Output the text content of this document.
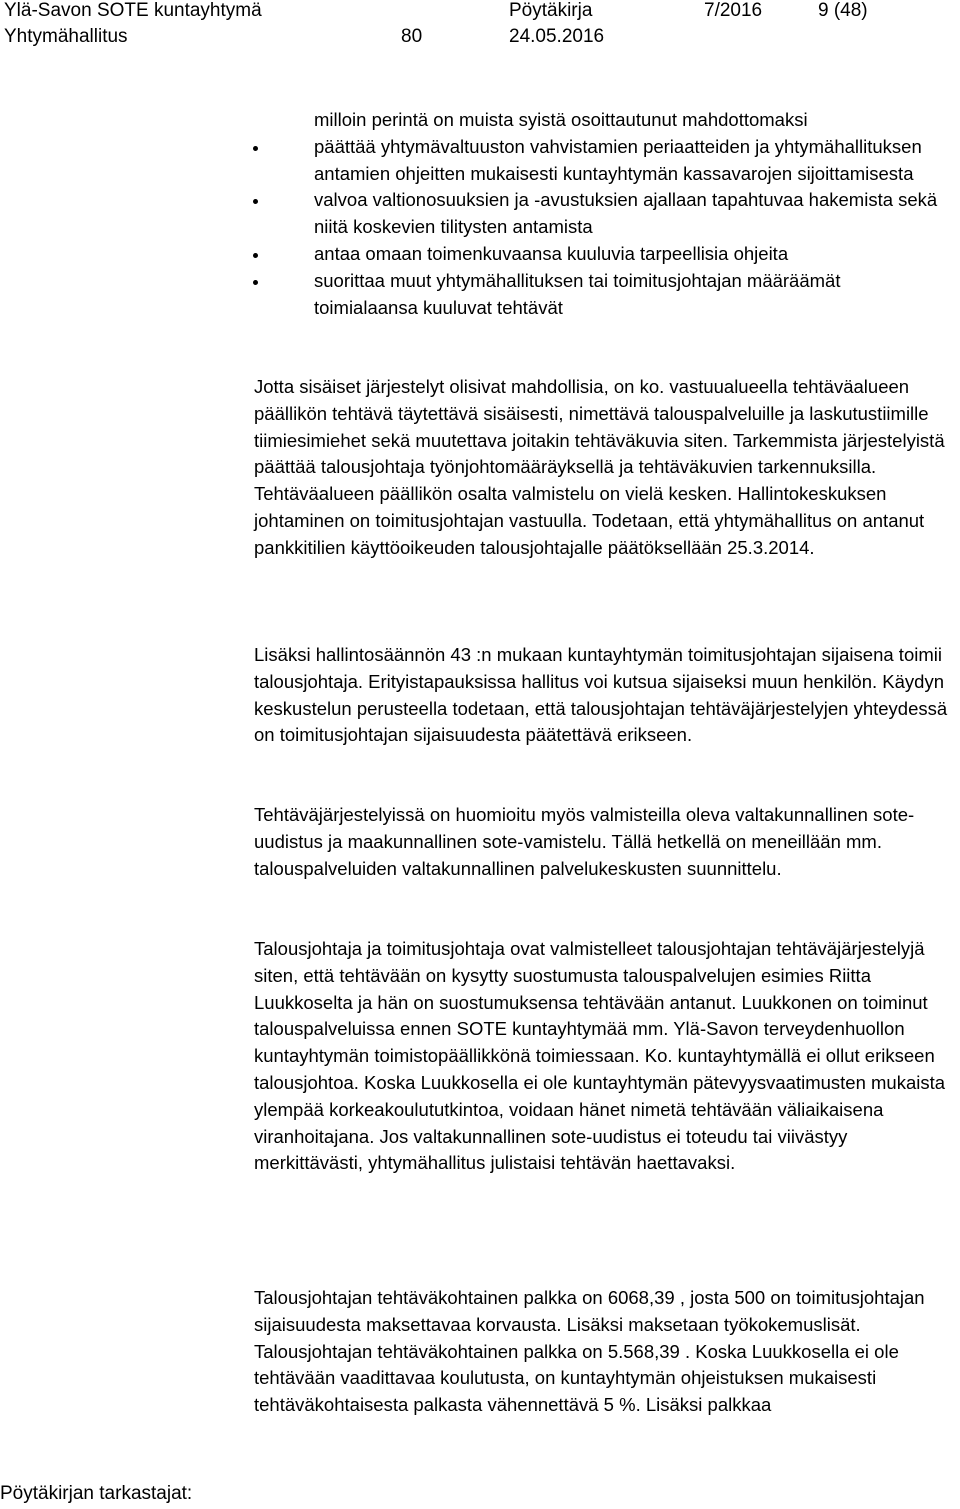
Ylä-Savon SOTE kuntayhtymä	Pöytäkirja	7/2016	9 (48)
Yhtymähallitus	80	24.05.2016
milloin perintä on muista syistä osoittautunut mahdottomaksi
päättää yhtymävaltuuston vahvistamien periaatteiden ja yhtymähallituksen antamien ohjeitten mukaisesti kuntayhtymän kassavarojen sijoittamisesta
valvoa valtionosuuksien ja -avustuksien ajallaan tapahtuvaa hakemista sekä niitä koskevien tilitysten antamista
antaa omaan toimenkuvaansa kuuluvia tarpeellisia ohjeita
suorittaa muut yhtymähallituksen tai toimitusjohtajan määräämät toimialaansa kuuluvat tehtävät

Jotta sisäiset järjestelyt olisivat mahdollisia, on ko. vastuualueella tehtäväalueen päällikön tehtävä täytettävä sisäisesti, nimettävä talouspalveluille ja laskutustiimille tiimiesimiehet sekä muutettava joitakin tehtäväkuvia siten. Tarkemmista järjestelyistä päättää talousjohtaja työnjohtomääräyksellä ja tehtäväkuvien tarkennuksilla. Tehtäväalueen päällikön osalta valmistelu on vielä kesken. Hallintokeskuksen johtaminen on toimitusjohtajan vastuulla. Todetaan, että yhtymähallitus on antanut pankkitilien käyttöoikeuden talousjohtajalle päätöksellään 25.3.2014.

Lisäksi hallintosäännön 43 :n mukaan kuntayhtymän toimitusjohtajan sijaisena toimii talousjohtaja. Erityistapauksissa hallitus voi kutsua sijaiseksi muun henkilön. Käydyn keskustelun perusteella todetaan, että talousjohtajan tehtäväjärjestelyjen yhteydessä on toimitusjohtajan sijaisuudesta päätettävä erikseen.

Tehtäväjärjestelyissä on huomioitu myös valmisteilla oleva valtakunnallinen sote-uudistus ja maakunnallinen sote-vamistelu. Tällä hetkellä on meneillään mm. talouspalveluiden valtakunnallinen palvelukeskusten suunnittelu.

Talousjohtaja ja toimitusjohtaja ovat valmistelleet talousjohtajan tehtäväjärjestelyjä siten, että tehtävään on kysytty suostumusta talouspalvelujen esimies Riitta Luukkoselta ja hän on suostumuksensa tehtävään antanut. Luukkonen on toiminut talouspalveluissa ennen SOTE kuntayhtymää mm. Ylä-Savon terveydenhuollon kuntayhtymän toimistopäällikkönä toimiessaan. Ko. kuntayhtymällä ei ollut erikseen talousjohtoa. Koska Luukkosella ei ole kuntayhtymän pätevyysvaatimusten mukaista ylempää korkeakoulututkintoa, voidaan hänet nimetä tehtävään väliaikaisena viranhoitajana. Jos valtakunnallinen sote-uudistus ei toteudu tai viivästyy merkittävästi, yhtymähallitus julistaisi tehtävän haettavaksi.

Talousjohtajan tehtäväkohtainen palkka on 6068,39 , josta 500 on toimitusjohtajan sijaisuudesta maksettavaa korvausta. Lisäksi maksetaan työkokemuslisät. Talousjohtajan tehtäväkohtainen palkka on 5.568,39 . Koska Luukkosella ei ole tehtävään vaadittavaa koulutusta, on kuntayhtymän ohjeistuksen mukaisesti tehtäväkohtaisesta palkasta vähennettävä 5 %. Lisäksi palkkaa

Pöytäkirjan tarkastajat:
